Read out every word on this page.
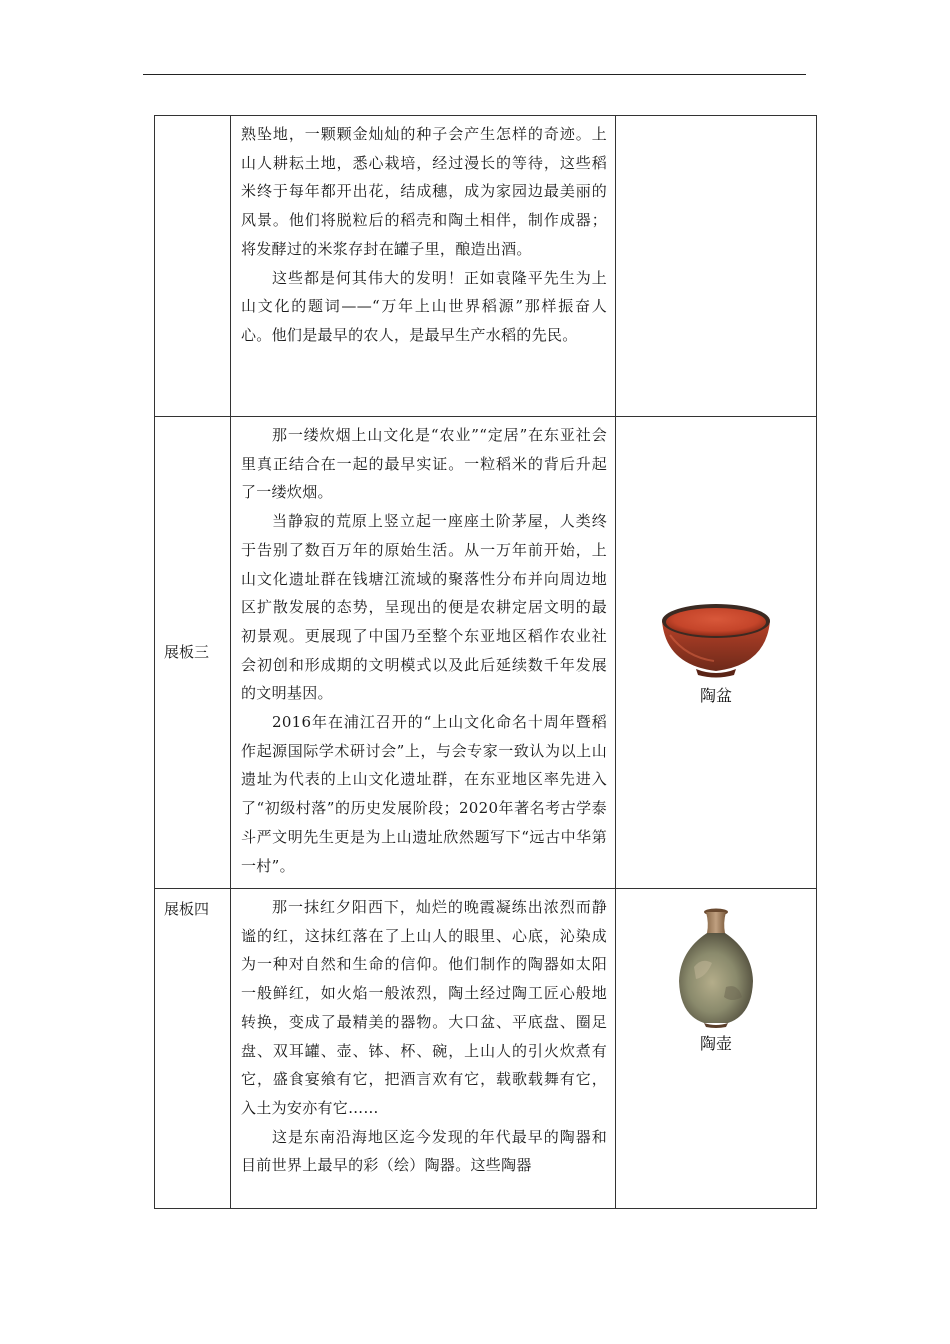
	熟坠地，一颗颗金灿灿的种子会产生怎样的奇迹。上山人耕耘土地，悉心栽培，经过漫长的等待，这些稻米终于每年都开出花，结成穗，成为家园边最美丽的风景。他们将脱粒后的稻壳和陶土相伴，制作成器；将发酵过的米浆存封在罐子里，酿造出酒。

这些都是何其伟大的发明！正如袁隆平先生为上山文化的题词——“万年上山世界稻源”那样振奋人心。他们是最早的农人，是最早生产水稻的先民。	

展板三	那一缕炊烟上山文化是“农业”“定居”在东亚社会里真正结合在一起的最早实证。一粒稻米的背后升起了一缕炊烟。

当静寂的荒原上竖立起一座座土阶茅屋，人类终于告别了数百万年的原始生活。从一万年前开始，上山文化遗址群在钱塘江流域的聚落性分布并向周边地区扩散发展的态势，呈现出的便是农耕定居文明的最初景观。更展现了中国乃至整个东亚地区稻作农业社会初创和形成期的文明模式以及此后延续数千年发展的文明基因。

2016年在浦江召开的“上山文化命名十周年暨稻作起源国际学术研讨会”上，与会专家一致认为以上山遗址为代表的上山文化遗址群，在东亚地区率先进入了“初级村落”的历史发展阶段；2020年著名考古学泰斗严文明先生更是为上山遗址欣然题写下“远古中华第一村”。	陶盆

展板四	那一抹红夕阳西下，灿烂的晚霞凝练出浓烈而静谧的红，这抹红落在了上山人的眼里、心底，沁染成为一种对自然和生命的信仰。他们制作的陶器如太阳一般鲜红，如火焰一般浓烈，陶土经过陶工匠心般地转换，变成了最精美的器物。大口盆、平底盘、圈足盘、双耳罐、壶、钵、杯、碗，上山人的引火炊煮有它，盛食宴飨有它，把酒言欢有它，载歌载舞有它，入土为安亦有它……

这是东南沿海地区迄今发现的年代最早的陶器和目前世界上最早的彩（绘）陶器。这些陶器	陶壶
